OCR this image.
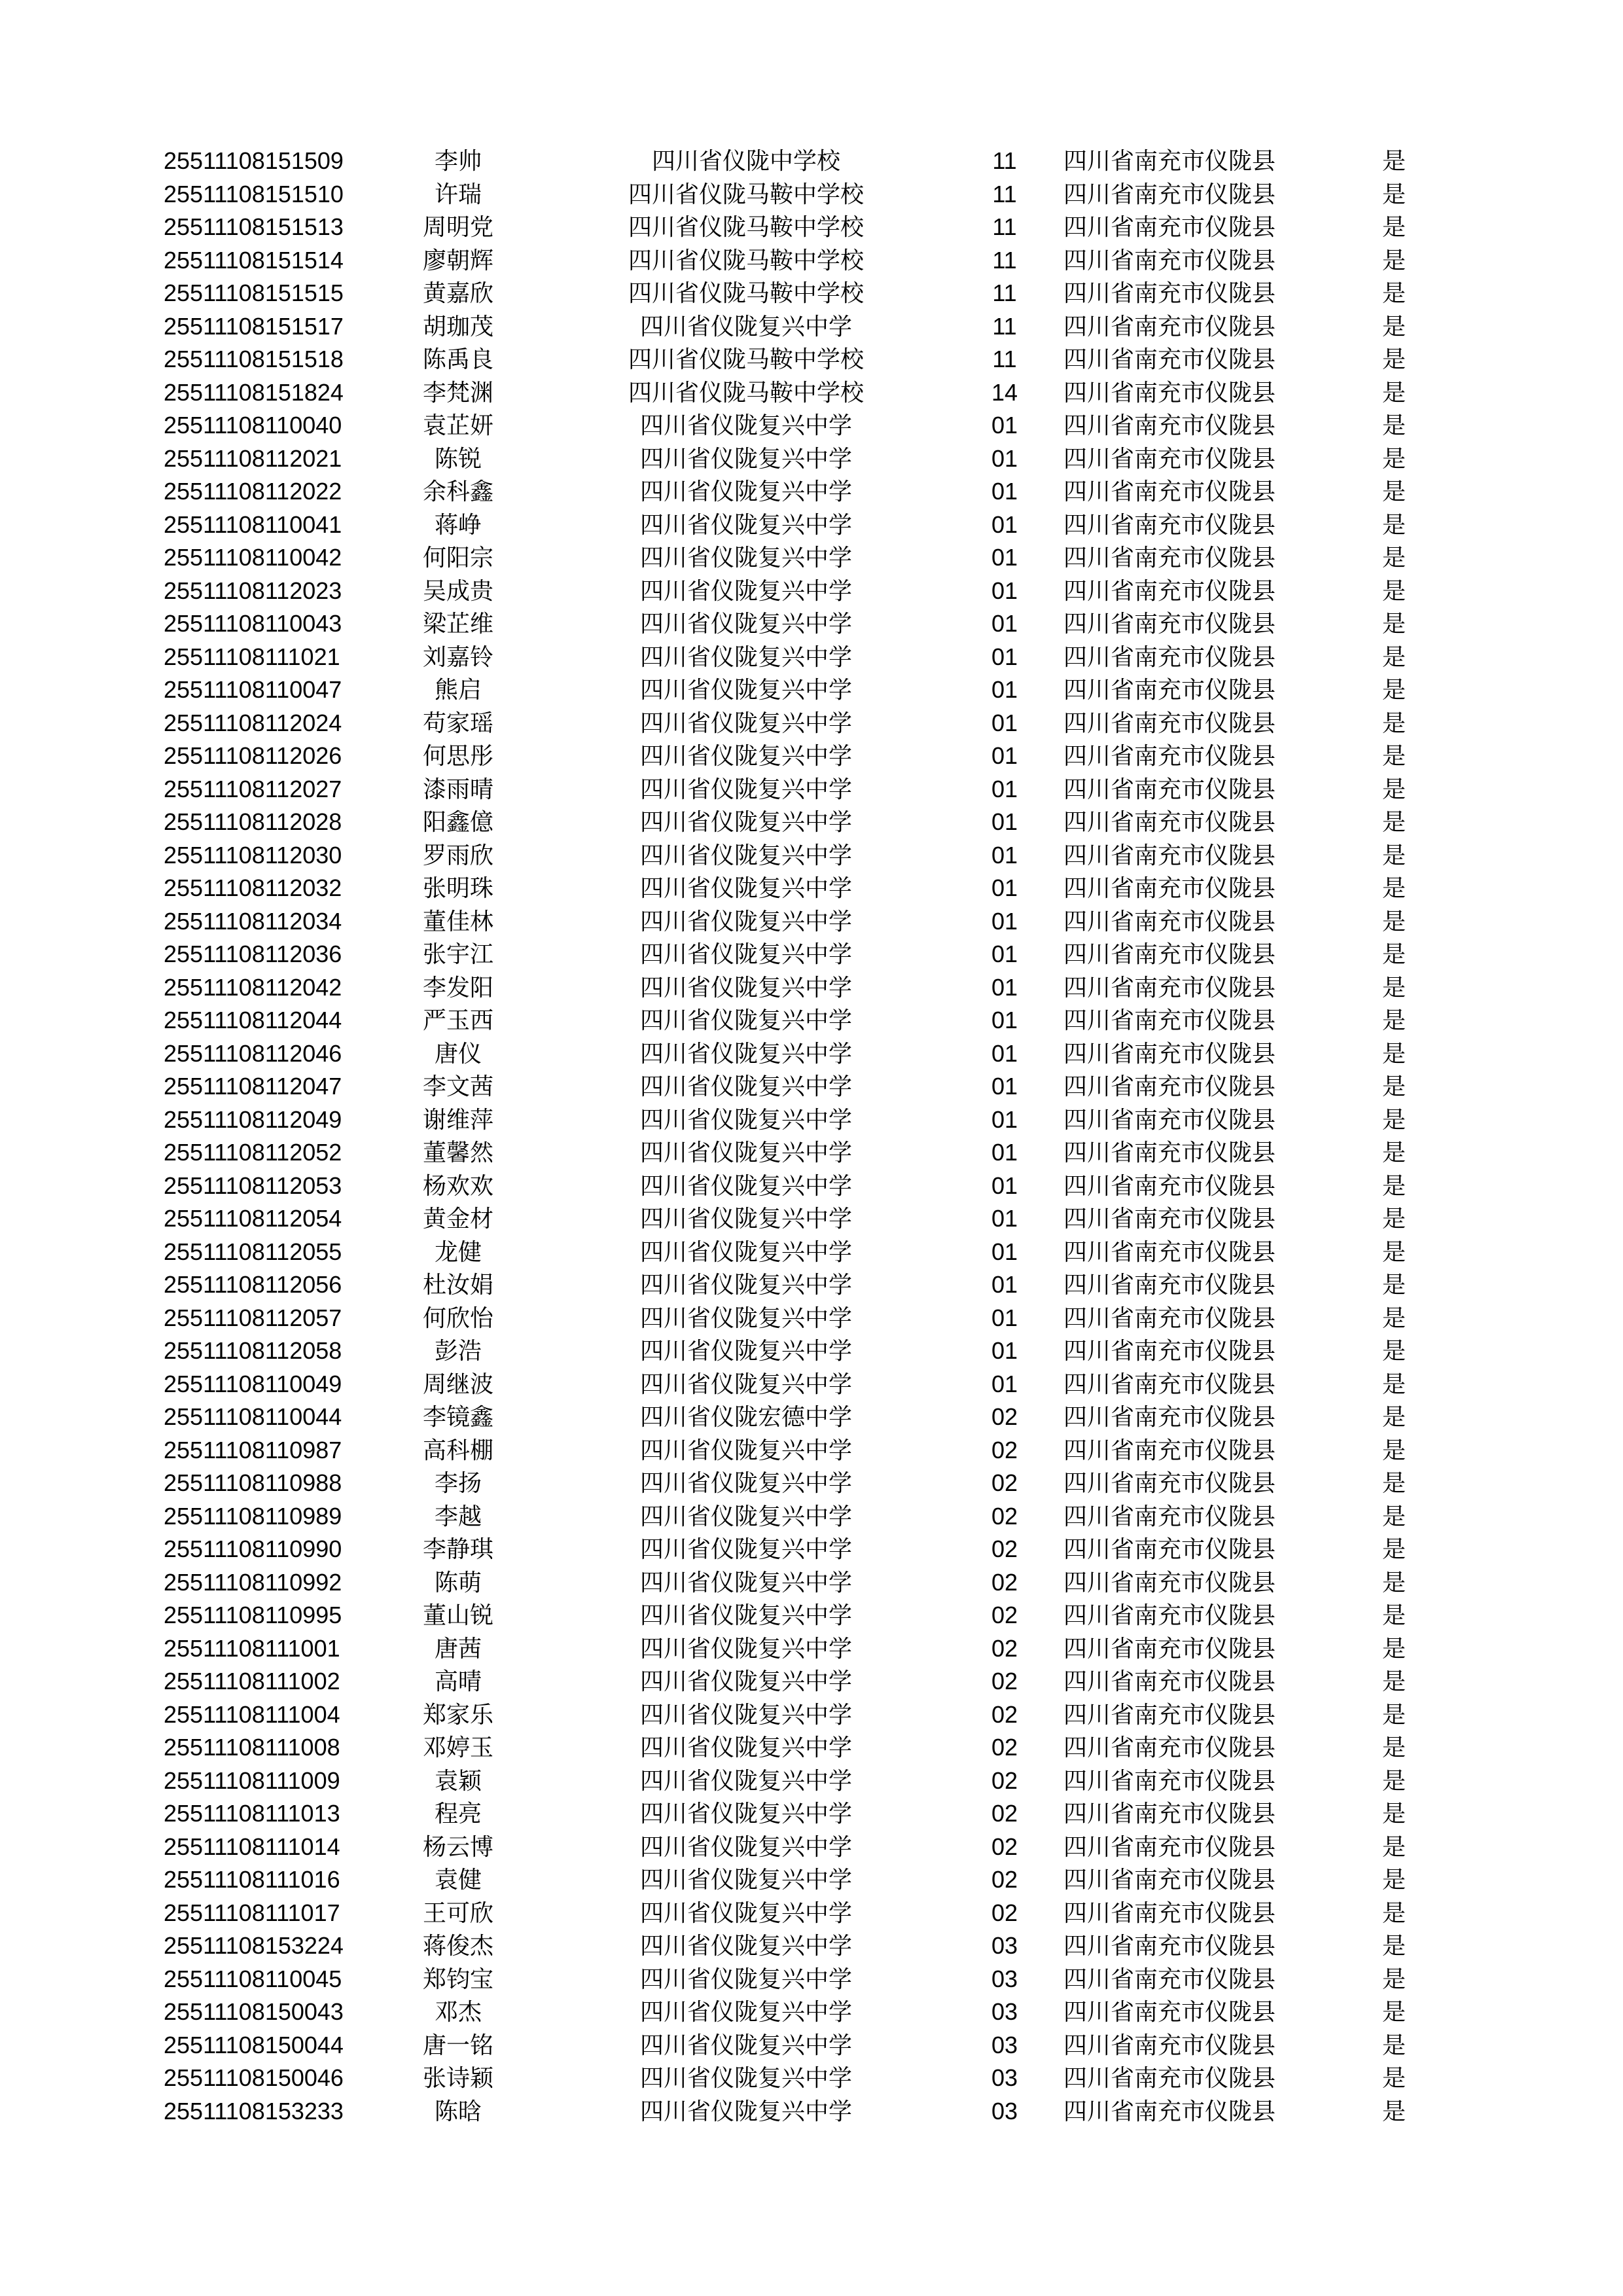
25511108151509	李帅	四川省仪陇中学校	11	四川省南充市仪陇县	是
25511108151510	许瑞	四川省仪陇马鞍中学校	11	四川省南充市仪陇县	是
25511108151513	周明党	四川省仪陇马鞍中学校	11	四川省南充市仪陇县	是
25511108151514	廖朝辉	四川省仪陇马鞍中学校	11	四川省南充市仪陇县	是
25511108151515	黄嘉欣	四川省仪陇马鞍中学校	11	四川省南充市仪陇县	是
25511108151517	胡珈茂	四川省仪陇复兴中学	11	四川省南充市仪陇县	是
25511108151518	陈禹良	四川省仪陇马鞍中学校	11	四川省南充市仪陇县	是
25511108151824	李梵渊	四川省仪陇马鞍中学校	14	四川省南充市仪陇县	是
25511108110040	袁芷妍	四川省仪陇复兴中学	01	四川省南充市仪陇县	是
25511108112021	陈锐	四川省仪陇复兴中学	01	四川省南充市仪陇县	是
25511108112022	余科鑫	四川省仪陇复兴中学	01	四川省南充市仪陇县	是
25511108110041	蒋峥	四川省仪陇复兴中学	01	四川省南充市仪陇县	是
25511108110042	何阳宗	四川省仪陇复兴中学	01	四川省南充市仪陇县	是
25511108112023	吴成贵	四川省仪陇复兴中学	01	四川省南充市仪陇县	是
25511108110043	梁芷维	四川省仪陇复兴中学	01	四川省南充市仪陇县	是
25511108111021	刘嘉铃	四川省仪陇复兴中学	01	四川省南充市仪陇县	是
25511108110047	熊启	四川省仪陇复兴中学	01	四川省南充市仪陇县	是
25511108112024	苟家瑶	四川省仪陇复兴中学	01	四川省南充市仪陇县	是
25511108112026	何思彤	四川省仪陇复兴中学	01	四川省南充市仪陇县	是
25511108112027	漆雨晴	四川省仪陇复兴中学	01	四川省南充市仪陇县	是
25511108112028	阳鑫億	四川省仪陇复兴中学	01	四川省南充市仪陇县	是
25511108112030	罗雨欣	四川省仪陇复兴中学	01	四川省南充市仪陇县	是
25511108112032	张明珠	四川省仪陇复兴中学	01	四川省南充市仪陇县	是
25511108112034	董佳林	四川省仪陇复兴中学	01	四川省南充市仪陇县	是
25511108112036	张宇江	四川省仪陇复兴中学	01	四川省南充市仪陇县	是
25511108112042	李发阳	四川省仪陇复兴中学	01	四川省南充市仪陇县	是
25511108112044	严玉西	四川省仪陇复兴中学	01	四川省南充市仪陇县	是
25511108112046	唐仪	四川省仪陇复兴中学	01	四川省南充市仪陇县	是
25511108112047	李文茜	四川省仪陇复兴中学	01	四川省南充市仪陇县	是
25511108112049	谢维萍	四川省仪陇复兴中学	01	四川省南充市仪陇县	是
25511108112052	董馨然	四川省仪陇复兴中学	01	四川省南充市仪陇县	是
25511108112053	杨欢欢	四川省仪陇复兴中学	01	四川省南充市仪陇县	是
25511108112054	黄金材	四川省仪陇复兴中学	01	四川省南充市仪陇县	是
25511108112055	龙健	四川省仪陇复兴中学	01	四川省南充市仪陇县	是
25511108112056	杜汝娟	四川省仪陇复兴中学	01	四川省南充市仪陇县	是
25511108112057	何欣怡	四川省仪陇复兴中学	01	四川省南充市仪陇县	是
25511108112058	彭浩	四川省仪陇复兴中学	01	四川省南充市仪陇县	是
25511108110049	周继波	四川省仪陇复兴中学	01	四川省南充市仪陇县	是
25511108110044	李镜鑫	四川省仪陇宏德中学	02	四川省南充市仪陇县	是
25511108110987	高科棚	四川省仪陇复兴中学	02	四川省南充市仪陇县	是
25511108110988	李扬	四川省仪陇复兴中学	02	四川省南充市仪陇县	是
25511108110989	李越	四川省仪陇复兴中学	02	四川省南充市仪陇县	是
25511108110990	李静琪	四川省仪陇复兴中学	02	四川省南充市仪陇县	是
25511108110992	陈萌	四川省仪陇复兴中学	02	四川省南充市仪陇县	是
25511108110995	董山锐	四川省仪陇复兴中学	02	四川省南充市仪陇县	是
25511108111001	唐茜	四川省仪陇复兴中学	02	四川省南充市仪陇县	是
25511108111002	高晴	四川省仪陇复兴中学	02	四川省南充市仪陇县	是
25511108111004	郑家乐	四川省仪陇复兴中学	02	四川省南充市仪陇县	是
25511108111008	邓婷玉	四川省仪陇复兴中学	02	四川省南充市仪陇县	是
25511108111009	袁颖	四川省仪陇复兴中学	02	四川省南充市仪陇县	是
25511108111013	程亮	四川省仪陇复兴中学	02	四川省南充市仪陇县	是
25511108111014	杨云博	四川省仪陇复兴中学	02	四川省南充市仪陇县	是
25511108111016	袁健	四川省仪陇复兴中学	02	四川省南充市仪陇县	是
25511108111017	王可欣	四川省仪陇复兴中学	02	四川省南充市仪陇县	是
25511108153224	蒋俊杰	四川省仪陇复兴中学	03	四川省南充市仪陇县	是
25511108110045	郑钧宝	四川省仪陇复兴中学	03	四川省南充市仪陇县	是
25511108150043	邓杰	四川省仪陇复兴中学	03	四川省南充市仪陇县	是
25511108150044	唐一铭	四川省仪陇复兴中学	03	四川省南充市仪陇县	是
25511108150046	张诗颖	四川省仪陇复兴中学	03	四川省南充市仪陇县	是
25511108153233	陈晗	四川省仪陇复兴中学	03	四川省南充市仪陇县	是
